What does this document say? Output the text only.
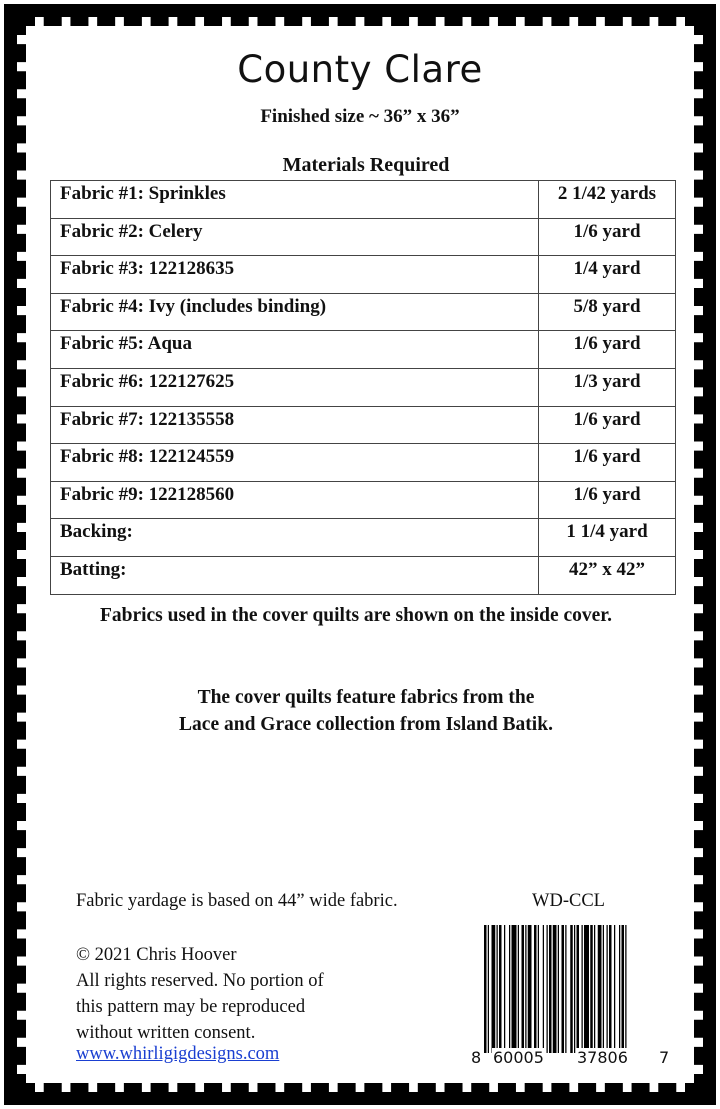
County Clare
Finished size ~ 36” x 36”
Materials Required
Fabric #1: Sprinkles	2 1/42 yards
Fabric #2: Celery	1/6 yard
Fabric #3: 122128635	1/4 yard
Fabric #4: Ivy (includes binding)	5/8 yard
Fabric #5: Aqua	1/6 yard
Fabric #6: 122127625	1/3 yard
Fabric #7: 122135558	1/6 yard
Fabric #8: 122124559	1/6 yard
Fabric #9: 122128560	1/6 yard
Backing:	1 1/4 yard
Batting:	42” x 42”
Fabrics used in the cover quilts are shown on the inside cover.
The cover quilts feature fabrics from the
Lace and Grace collection from Island Batik.
Fabric yardage is based on 44” wide fabric.	WD-CCL
© 2021 Chris Hoover
All rights reserved. No portion of
this pattern may be reproduced
without written consent.
www.whirligigdesigns.com	8 60005 37806 7
